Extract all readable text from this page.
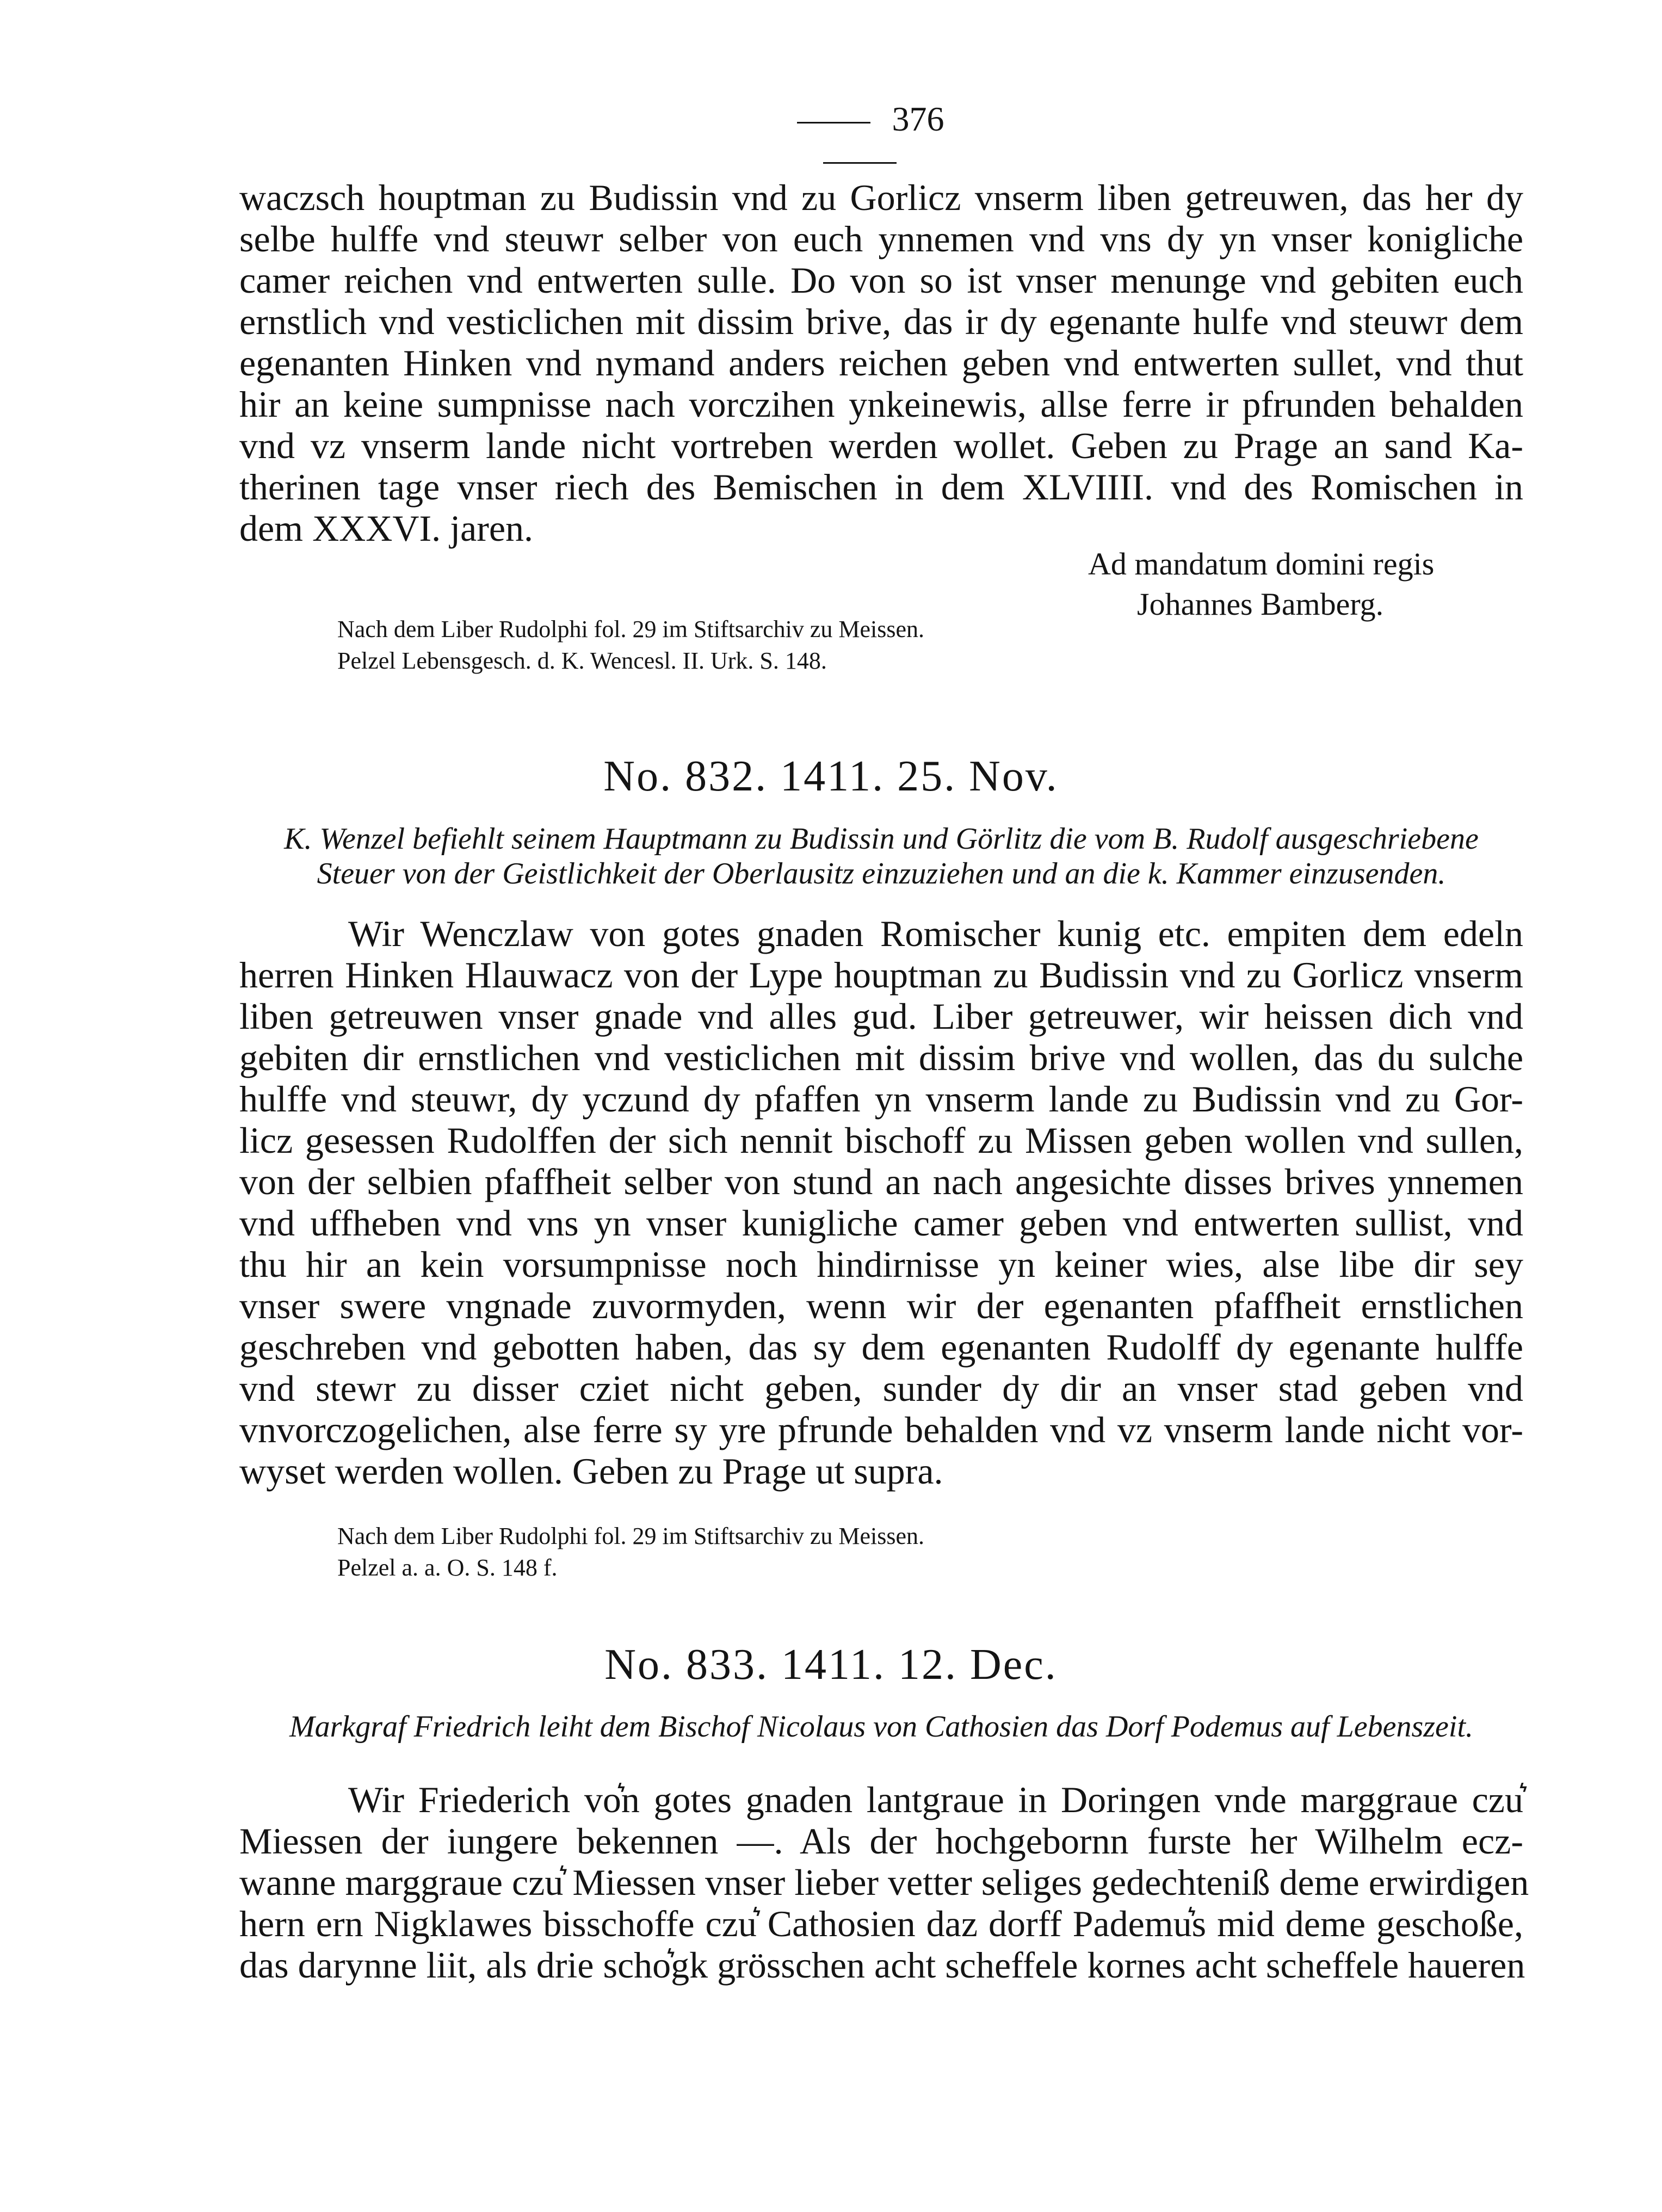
376
waczsch houptman zu Budissin vnd zu Gorlicz vnserm liben getreuwen, das her dy
selbe hulffe vnd steuwr selber von euch ynnemen vnd vns dy yn vnser konigliche
camer reichen vnd entwerten sulle. Do von so ist vnser menunge vnd gebiten euch
ernstlich vnd vesticlichen mit dissim brive, das ir dy egenante hulfe vnd steuwr dem
egenanten Hinken vnd nymand anders reichen geben vnd entwerten sullet, vnd thut
hir an keine sumpnisse nach vorczihen ynkeinewis, allse ferre ir pfrunden behalden
vnd vz vnserm lande nicht vortreben werden wollet. Geben zu Prage an sand Ka-
therinen tage vnser riech des Bemischen in dem XLVIIII. vnd des Romischen in
dem XXXVI. jaren.
Ad mandatum domini regis
Johannes Bamberg.
Nach dem Liber Rudolphi fol. 29 im Stiftsarchiv zu Meissen.
Pelzel Lebensgesch. d. K. Wencesl. II. Urk. S. 148.
No. 832. 1411. 25. Nov.
K. Wenzel befiehlt seinem Hauptmann zu Budissin und Görlitz die vom B. Rudolf ausgeschriebene
Steuer von der Geistlichkeit der Oberlausitz einzuziehen und an die k. Kammer einzusenden.
Wir Wenczlaw von gotes gnaden Romischer kunig etc. empiten dem edeln
herren Hinken Hlauwacz von der Lype houptman zu Budissin vnd zu Gorlicz vnserm
liben getreuwen vnser gnade vnd alles gud. Liber getreuwer, wir heissen dich vnd
gebiten dir ernstlichen vnd vesticlichen mit dissim brive vnd wollen, das du sulche
hulffe vnd steuwr, dy yczund dy pfaffen yn vnserm lande zu Budissin vnd zu Gor-
licz gesessen Rudolffen der sich nennit bischoff zu Missen geben wollen vnd sullen,
von der selbien pfaffheit selber von stund an nach angesichte disses brives ynnemen
vnd uffheben vnd vns yn vnser kunigliche camer geben vnd entwerten sullist, vnd
thu hir an kein vorsumpnisse noch hindirnisse yn keiner wies, alse libe dir sey
vnser swere vngnade zuvormyden, wenn wir der egenanten pfaffheit ernstlichen
geschreben vnd gebotten haben, das sy dem egenanten Rudolff dy egenante hulffe
vnd stewr zu disser cziet nicht geben, sunder dy dir an vnser stad geben vnd
vnvorczogelichen, alse ferre sy yre pfrunde behalden vnd vz vnserm lande nicht vor-
wyset werden wollen. Geben zu Prage ut supra.
Nach dem Liber Rudolphi fol. 29 im Stiftsarchiv zu Meissen.
Pelzel a. a. O. S. 148 f.
No. 833. 1411. 12. Dec.
Markgraf Friedrich leiht dem Bischof Nicolaus von Cathosien das Dorf Podemus auf Lebenszeit.
Wir Friederich vo͛n gotes gnaden lantgraue in Doringen vnde marggraue czu͛
Miessen der iungere bekennen —. Als der hochgebornn furste her Wilhelm ecz-
wanne marggraue czu͛ Miessen vnser lieber vetter seliges gedechteniß deme erwirdigen
hern ern Nigklawes bisschoffe czu͛ Cathosien daz dorff Pademu͛s mid deme geschoße,
das darynne liit, als drie scho͛gk grösschen acht scheffele kornes acht scheffele haueren
